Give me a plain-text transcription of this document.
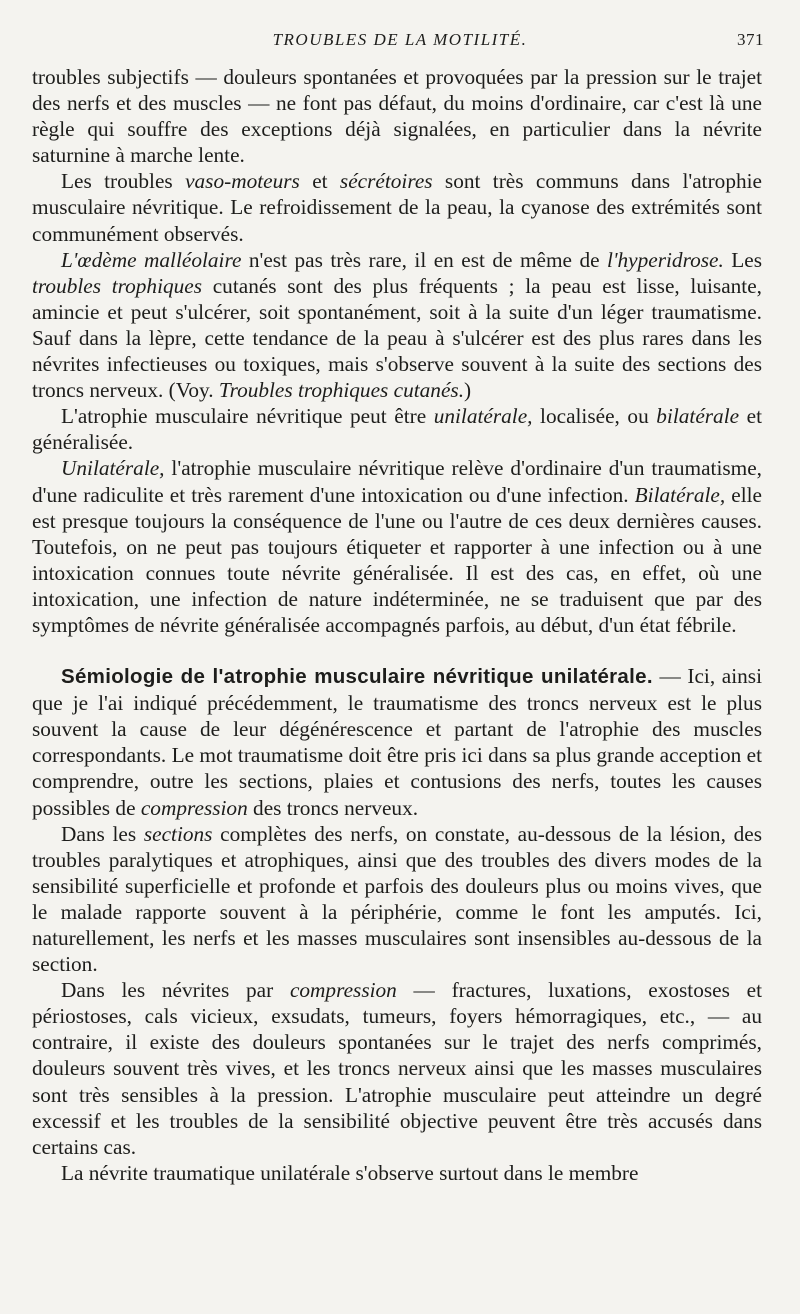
TROUBLES DE LA MOTILITÉ.	371

troubles subjectifs — douleurs spontanées et provoquées par la pression sur le trajet des nerfs et des muscles — ne font pas défaut, du moins d'ordinaire, car c'est là une règle qui souffre des exceptions déjà signalées, en particulier dans la névrite saturnine à marche lente.

Les troubles vaso-moteurs et sécrétoires sont très communs dans l'atrophie musculaire névritique. Le refroidissement de la peau, la cyanose des extrémités sont communément observés.

L'œdème malléolaire n'est pas très rare, il en est de même de l'hyperidrose. Les troubles trophiques cutanés sont des plus fréquents ; la peau est lisse, luisante, amincie et peut s'ulcérer, soit spontanément, soit à la suite d'un léger traumatisme. Sauf dans la lèpre, cette tendance de la peau à s'ulcérer est des plus rares dans les névrites infectieuses ou toxiques, mais s'observe souvent à la suite des sections des troncs nerveux. (Voy. Troubles trophiques cutanés.)

L'atrophie musculaire névritique peut être unilatérale, localisée, ou bilatérale et généralisée.

Unilatérale, l'atrophie musculaire névritique relève d'ordinaire d'un traumatisme, d'une radiculite et très rarement d'une intoxication ou d'une infection. Bilatérale, elle est presque toujours la conséquence de l'une ou l'autre de ces deux dernières causes. Toutefois, on ne peut pas toujours étiqueter et rapporter à une infection ou à une intoxication connues toute névrite généralisée. Il est des cas, en effet, où une intoxication, une infection de nature indéterminée, ne se traduisent que par des symptômes de névrite généralisée accompagnés parfois, au début, d'un état fébrile.

Sémiologie de l'atrophie musculaire névritique unilatérale. — Ici, ainsi que je l'ai indiqué précédemment, le traumatisme des troncs nerveux est le plus souvent la cause de leur dégénérescence et partant de l'atrophie des muscles correspondants. Le mot traumatisme doit être pris ici dans sa plus grande acception et comprendre, outre les sections, plaies et contusions des nerfs, toutes les causes possibles de compression des troncs nerveux.

Dans les sections complètes des nerfs, on constate, au-dessous de la lésion, des troubles paralytiques et atrophiques, ainsi que des troubles des divers modes de la sensibilité superficielle et profonde et parfois des douleurs plus ou moins vives, que le malade rapporte souvent à la périphérie, comme le font les amputés. Ici, naturellement, les nerfs et les masses musculaires sont insensibles au-dessous de la section.

Dans les névrites par compression — fractures, luxations, exostoses et périostoses, cals vicieux, exsudats, tumeurs, foyers hémorragiques, etc., — au contraire, il existe des douleurs spontanées sur le trajet des nerfs comprimés, douleurs souvent très vives, et les troncs nerveux ainsi que les masses musculaires sont très sensibles à la pression. L'atrophie musculaire peut atteindre un degré excessif et les troubles de la sensibilité objective peuvent être très accusés dans certains cas.

La névrite traumatique unilatérale s'observe surtout dans le membre
